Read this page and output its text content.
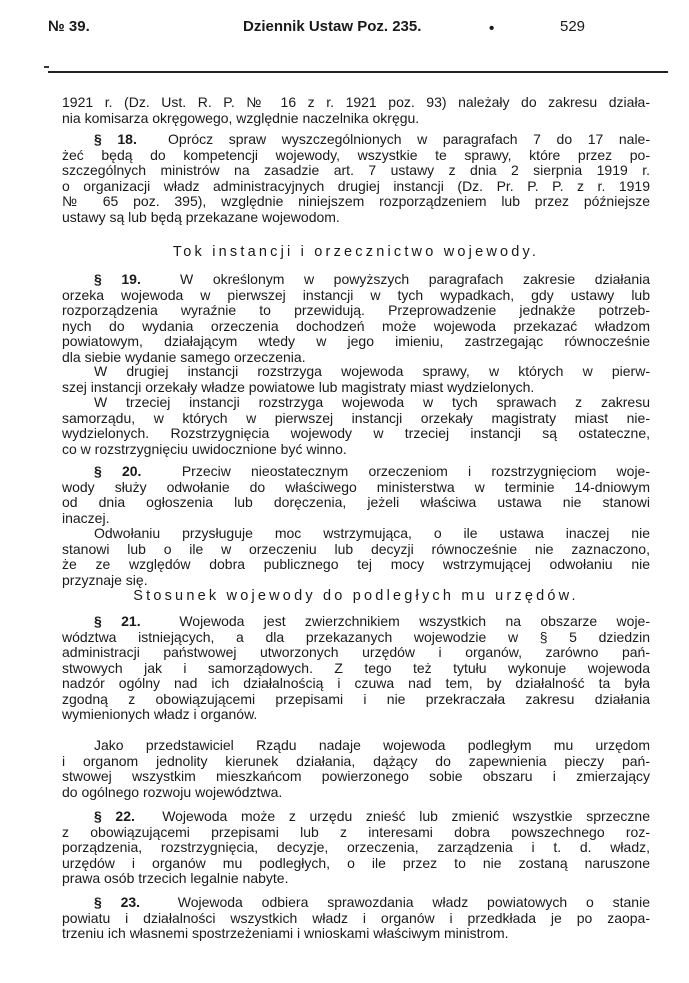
№ 39.	Dziennik Ustaw Poz. 235.	•	529
1921 r. (Dz. Ust. R. P. № 16 z r. 1921 poz. 93) należały do zakresu działa-
nia komisarza okręgowego, względnie naczelnika okręgu.
§ 18. Oprócz spraw wyszczególnionych w paragrafach 7 do 17 nale-
żeć będą do kompetencji wojewody, wszystkie te sprawy, które przez po-
szczególnych ministrów na zasadzie art. 7 ustawy z dnia 2 sierpnia 1919 r.
o organizacji władz administracyjnych drugiej instancji (Dz. Pr. P. P. z r. 1919
№ 65 poz. 395), względnie niniejszem rozporządzeniem lub przez późniejsze
ustawy są lub będą przekazane wojewodom.
Tok instancji i orzecznictwo wojewody.
§ 19.	W określonym w powyższych paragrafach zakresie działania
orzeka wojewoda w pierwszej instancji w tych wypadkach, gdy ustawy lub
rozporządzenia wyraźnie to przewidują. Przeprowadzenie jednakże potrzeb-
nych do wydania orzeczenia dochodzeń może wojewoda przekazać władzom
powiatowym, działającym wtedy w jego imieniu, zastrzegając równocześnie
dla siebie wydanie samego orzeczenia.
W drugiej instancji rozstrzyga wojewoda sprawy, w których w pierw-
szej instancji orzekały władze powiatowe lub magistraty miast wydzielonych.
W trzeciej instancji rozstrzyga wojewoda w tych sprawach z zakresu
samorządu, w których w pierwszej instancji orzekały magistraty miast nie-
wydzielonych. Rozstrzygnięcia wojewody w trzeciej instancji są ostateczne,
co w rozstrzygnięciu uwidocznione być winno.
§ 20.	Przeciw nieostatecznym orzeczeniom i rozstrzygnięciom woje-
wody służy odwołanie do właściwego ministerstwa w terminie 14-dniowym
od dnia ogłoszenia lub doręczenia, jeżeli właściwa ustawa nie stanowi
inaczej.
Odwołaniu przysługuje moc wstrzymująca, o ile ustawa inaczej nie
stanowi lub o ile w orzeczeniu lub decyzji równocześnie nie zaznaczono,
że ze względów dobra publicznego tej mocy wstrzymującej odwołaniu nie
przyznaje się.
Stosunek wojewody do podległych mu urzędów.
§ 21.	Wojewoda jest zwierzchnikiem wszystkich na obszarze woje-
wództwa istniejących, a dla przekazanych wojewodzie w § 5 dziedzin
administracji państwowej utworzonych urzędów i organów, zarówno pań-
stwowych jak i samorządowych. Z tego też tytułu wykonuje wojewoda
nadzór ogólny nad ich działalnością i czuwa nad tem, by działalność ta była
zgodną z obowiązującemi przepisami i nie przekraczała zakresu działania
wymienionych władz i organów.
Jako przedstawiciel Rządu nadaje wojewoda podległym mu urzędom
i organom jednolity kierunek działania, dążący do zapewnienia pieczy pań-
stwowej wszystkim mieszkańcom powierzonego sobie obszaru i zmierzający
do ogólnego rozwoju województwa.
§ 22. Wojewoda może z urzędu znieść lub zmienić wszystkie sprzeczne
z obowiązującemi przepisami lub z interesami dobra powszechnego roz-
porządzenia, rozstrzygnięcia, decyzje, orzeczenia, zarządzenia i t. d. władz,
urzędów i organów mu podległych, o ile przez to nie zostaną naruszone
prawa osób trzecich legalnie nabyte.
§ 23.	Wojewoda odbiera sprawozdania władz powiatowych o stanie
powiatu i działalności wszystkich władz i organów i przedkłada je po zaopa-
trzeniu ich własnemi spostrzeżeniami i wnioskami właściwym ministrom.
